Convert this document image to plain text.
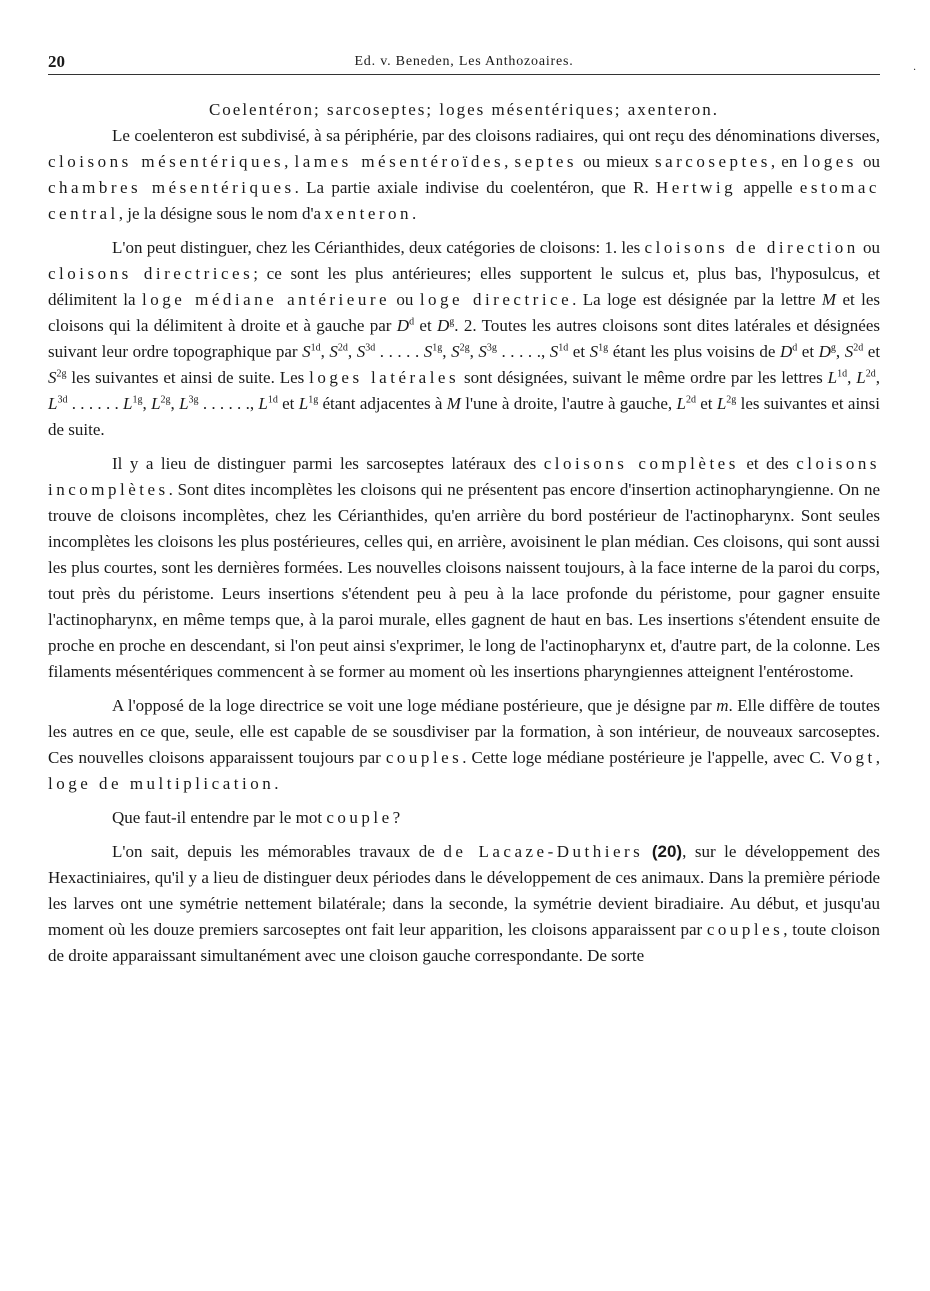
20	Ed. v. Beneden, Les Anthozoaires.	.

Coelentéron; sarcoseptes; loges mésentériques; axenteron.

Le coelenteron est subdivisé, à sa périphérie, par des cloisons radiaires, qui ont reçu des dénominations diverses, cloisons mésentériques, lames mésentéroïdes, septes ou mieux sarcoseptes, en loges ou chambres mésentériques. La partie axiale indivise du coelentéron, que R. Hertwig appelle estomac central, je la désigne sous le nom d'axenteron.

L'on peut distinguer, chez les Cérianthides, deux catégories de cloisons: 1. les cloisons de direction ou cloisons directrices; ce sont les plus antérieures; elles supportent le sulcus et, plus bas, l'hyposulcus, et délimitent la loge médiane antérieure ou loge directrice. La loge est désignée par la lettre M et les cloisons qui la délimitent à droite et à gauche par $D^d$ et $D^g$. 2. Toutes les autres cloisons sont dites latérales et désignées suivant leur ordre topographique par $S^{1d}$, $S^{2d}$, $S^{3d}$ . . . . . $S^{1g}$, $S^{2g}$, $S^{3g}$ . . . . ., $S^{1d}$ et $S^{1g}$ étant les plus voisins de $D^d$ et $D^g$, $S^{2d}$ et $S^{2g}$ les suivantes et ainsi de suite. Les loges latérales sont désignées, suivant le même ordre par les lettres $L^{1d}$, $L^{2d}$, $L^{3d}$ . . . . . . $L^{1g}$, $L^{2g}$, $L^{3g}$ . . . . . ., $L^{1d}$ et $L^{1g}$ étant adjacentes à M l'une à droite, l'autre à gauche, $L^{2d}$ et $L^{2g}$ les suivantes et ainsi de suite.

Il y a lieu de distinguer parmi les sarcoseptes latéraux des cloisons complètes et des cloisons incomplètes. Sont dites incomplètes les cloisons qui ne présentent pas encore d'insertion actinopharyngienne. On ne trouve de cloisons incomplètes, chez les Cérianthides, qu'en arrière du bord postérieur de l'actinopharynx. Sont seules incomplètes les cloisons les plus postérieures, celles qui, en arrière, avoisinent le plan médian. Ces cloisons, qui sont aussi les plus courtes, sont les dernières formées. Les nouvelles cloisons naissent toujours, à la face interne de la paroi du corps, tout près du péristome. Leurs insertions s'étendent peu à peu à la lace profonde du péristome, pour gagner ensuite l'actinopharynx, en même temps que, à la paroi murale, elles gagnent de haut en bas. Les insertions s'étendent ensuite de proche en proche en descendant, si l'on peut ainsi s'exprimer, le long de l'actinopharynx et, d'autre part, de la colonne. Les filaments mésentériques commencent à se former au moment où les insertions pharyngiennes atteignent l'entérostome.

A l'opposé de la loge directrice se voit une loge médiane postérieure, que je désigne par m. Elle diffère de toutes les autres en ce que, seule, elle est capable de se sousdiviser par la formation, à son intérieur, de nouveaux sarcoseptes. Ces nouvelles cloisons apparaissent toujours par couples. Cette loge médiane postérieure je l'appelle, avec C. Vogt, loge de multiplication.

Que faut-il entendre par le mot couple?

L'on sait, depuis les mémorables travaux de de Lacaze-Duthiers (20), sur le développement des Hexactiniaires, qu'il y a lieu de distinguer deux périodes dans le développement de ces animaux. Dans la première période les larves ont une symétrie nettement bilatérale; dans la seconde, la symétrie devient biradiaire. Au début, et jusqu'au moment où les douze premiers sarcoseptes ont fait leur apparition, les cloisons apparaissent par couples, toute cloison de droite apparaissant simultanément avec une cloison gauche correspondante. De sorte
